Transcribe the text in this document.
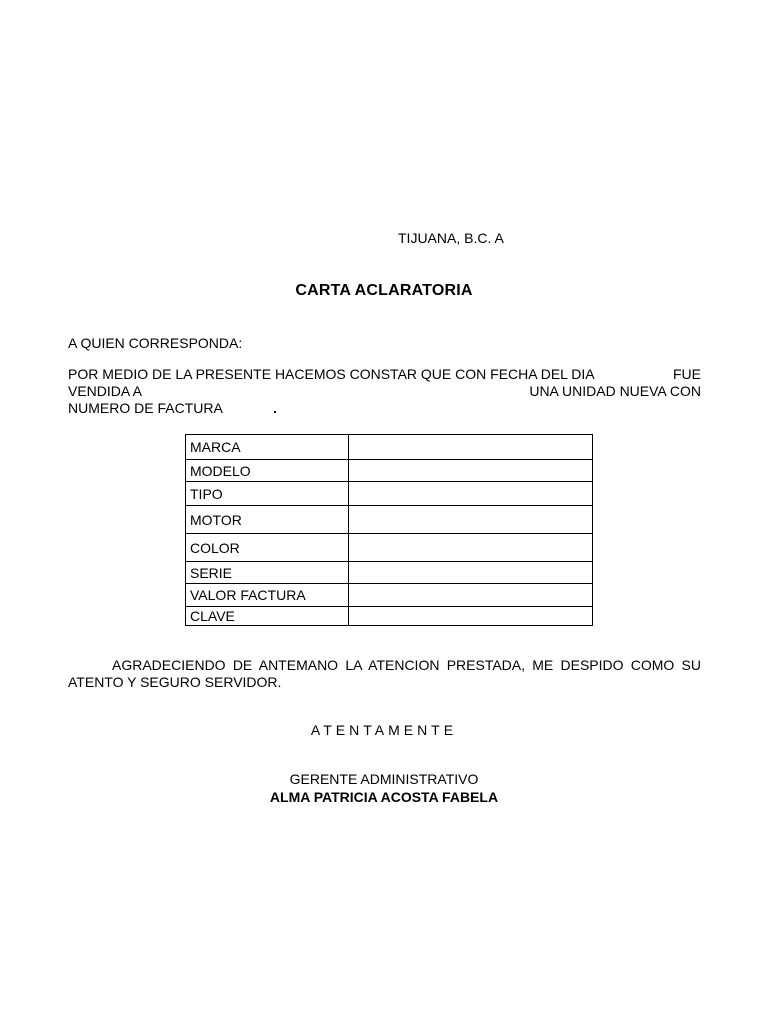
TIJUANA, B.C. A
CARTA ACLARATORIA
A QUIEN CORRESPONDA:
POR MEDIO DE LA PRESENTE HACEMOS CONSTAR QUE CON FECHA DEL DIA	FUE
VENDIDA A	UNA UNIDAD NUEVA CON
NUMERO DE FACTURA	.
MARCA	
MODELO	
TIPO	
MOTOR	
COLOR	
SERIE	
VALOR FACTURA	
CLAVE	
AGRADECIENDO DE ANTEMANO LA ATENCION PRESTADA, ME DESPIDO COMO SU
ATENTO Y SEGURO SERVIDOR.
ATENTAMENTE
GERENTE ADMINISTRATIVO
ALMA PATRICIA ACOSTA FABELA
